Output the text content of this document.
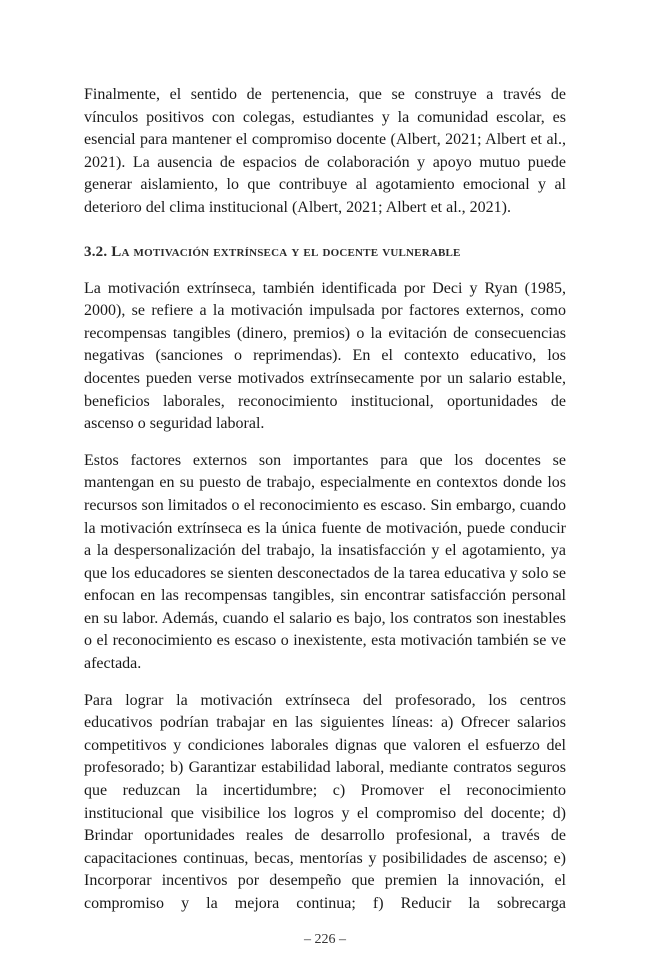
Finalmente, el sentido de pertenencia, que se construye a través de vínculos positivos con colegas, estudiantes y la comunidad escolar, es esencial para mantener el compromiso docente (Albert, 2021; Albert et al., 2021). La ausencia de espacios de colaboración y apoyo mutuo puede generar aislamiento, lo que contribuye al agotamiento emocional y al deterioro del clima institucional (Albert, 2021; Albert et al., 2021).

3.2. La motivación extrínseca y el docente vulnerable

La motivación extrínseca, también identificada por Deci y Ryan (1985, 2000), se refiere a la motivación impulsada por factores externos, como recompensas tangibles (dinero, premios) o la evitación de consecuencias negativas (sanciones o reprimendas). En el contexto educativo, los docentes pueden verse motivados extrínsecamente por un salario estable, beneficios laborales, reconocimiento institucional, oportunidades de ascenso o seguridad laboral.

Estos factores externos son importantes para que los docentes se mantengan en su puesto de trabajo, especialmente en contextos donde los recursos son limitados o el reconocimiento es escaso. Sin embargo, cuando la motivación extrínseca es la única fuente de motivación, puede conducir a la despersonalización del trabajo, la insatisfacción y el agotamiento, ya que los educadores se sienten desconectados de la tarea educativa y solo se enfocan en las recompensas tangibles, sin encontrar satisfacción personal en su labor. Además, cuando el salario es bajo, los contratos son inestables o el reconocimiento es escaso o inexistente, esta motivación también se ve afectada.

Para lograr la motivación extrínseca del profesorado, los centros educativos podrían trabajar en las siguientes líneas: a) Ofrecer salarios competitivos y condiciones laborales dignas que valoren el esfuerzo del profesorado; b) Garantizar estabilidad laboral, mediante contratos seguros que reduzcan la incertidumbre; c) Promover el reconocimiento institucional que visibilice los logros y el compromiso del docente; d) Brindar oportunidades reales de desarrollo profesional, a través de capacitaciones continuas, becas, mentorías y posibilidades de ascenso; e) Incorporar incentivos por desempeño que premien la innovación, el compromiso y la mejora continua; f) Reducir la sobrecarga

– 226 –
